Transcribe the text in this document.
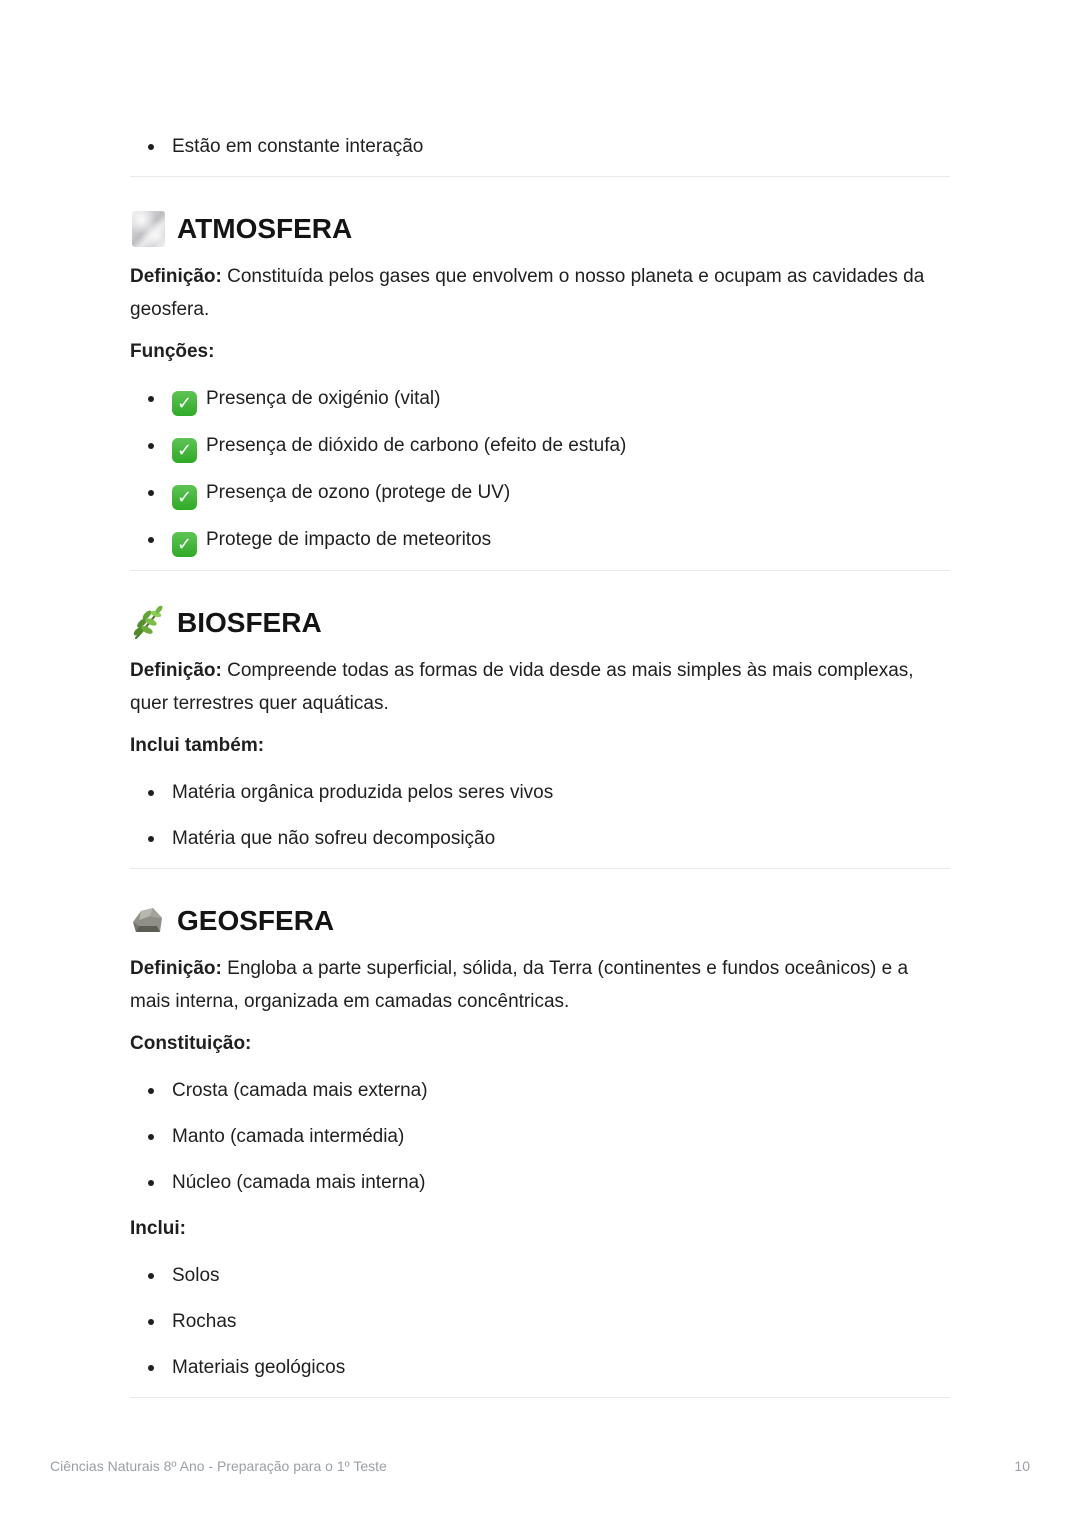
Estão em constante interação
ATMOSFERA

Definição: Constituída pelos gases que envolvem o nosso planeta e ocupam as cavidades da geosfera.

Funções:

✓ Presença de oxigénio (vital)
✓ Presença de dióxido de carbono (efeito de estufa)
✓ Presença de ozono (protege de UV)
✓ Protege de impacto de meteoritos
BIOSFERA

Definição: Compreende todas as formas de vida desde as mais simples às mais complexas, quer terrestres quer aquáticas.

Inclui também:

Matéria orgânica produzida pelos seres vivos
Matéria que não sofreu decomposição
GEOSFERA

Definição: Engloba a parte superficial, sólida, da Terra (continentes e fundos oceânicos) e a mais interna, organizada em camadas concêntricas.

Constituição:

Crosta (camada mais externa)
Manto (camada intermédia)
Núcleo (camada mais interna)

Inclui:

Solos
Rochas
Materiais geológicos
Ciências Naturais 8º Ano - Preparação para o 1º Teste	10
